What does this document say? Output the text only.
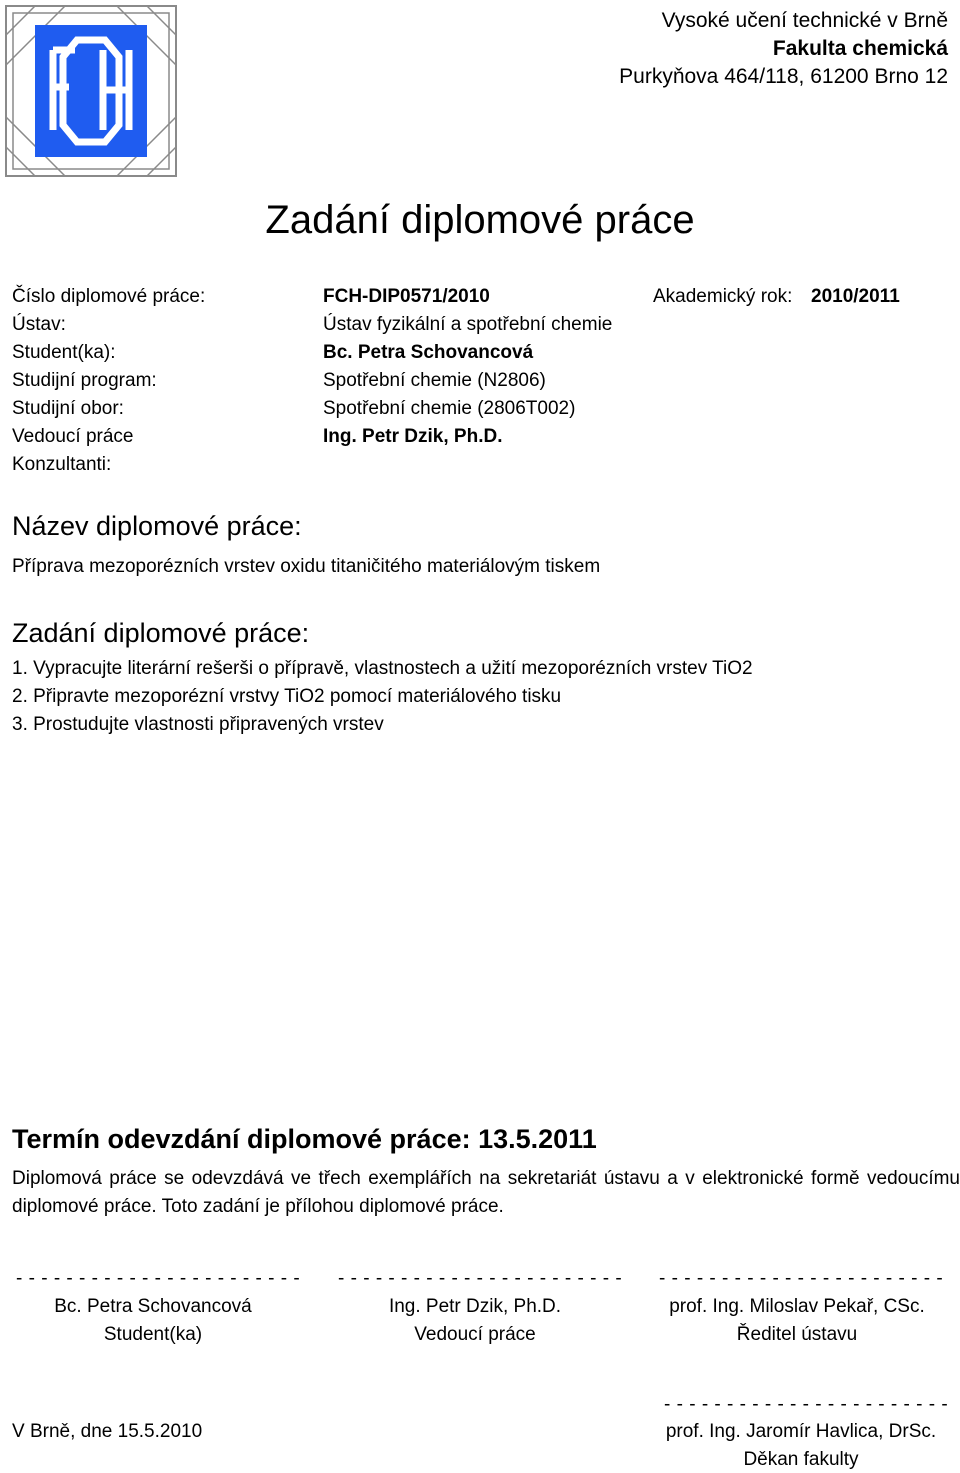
Vysoké učení technické v Brně
Fakulta chemická
Purkyňova 464/118, 61200 Brno 12
Zadání diplomové práce
Číslo diplomové práce:	FCH-DIP0571/2010	Akademický rok: 2010/2011
Ústav:	Ústav fyzikální a spotřební chemie
Student(ka):	Bc. Petra Schovancová
Studijní program:	Spotřební chemie (N2806)
Studijní obor:	Spotřební chemie (2806T002)
Vedoucí práce	Ing. Petr Dzik, Ph.D.
Konzultanti:
Název diplomové práce:
Příprava mezoporézních vrstev oxidu titaničitého materiálovým tiskem
Zadání diplomové práce:
1. Vypracujte literární rešerši o přípravě, vlastnostech a užití mezoporézních vrstev TiO2
2. Připravte mezoporézní vrstvy TiO2 pomocí materiálového tisku
3. Prostudujte vlastnosti připravených vrstev
Termín odevzdání diplomové práce: 13.5.2011
Diplomová práce se odevzdává ve třech exemplářích na sekretariát ústavu a v elektronické formě vedoucímu diplomové práce. Toto zadání je přílohou diplomové práce.
- - - - - - - - - - - - - - - - - - - - - - - - - - - - - - - - - - - - - - - - - - - - - - - - - - - - - - - - - - - - - - - - - - - - -
Bc. Petra Schovancová
Student(ka)
Ing. Petr Dzik, Ph.D.
Vedoucí práce
prof. Ing. Miloslav Pekař, CSc.
Ředitel ústavu
- - - - - - - - - - - - - - - - - - - - - - -
V Brně, dne 15.5.2010	prof. Ing. Jaromír Havlica, DrSc.
Děkan fakulty
